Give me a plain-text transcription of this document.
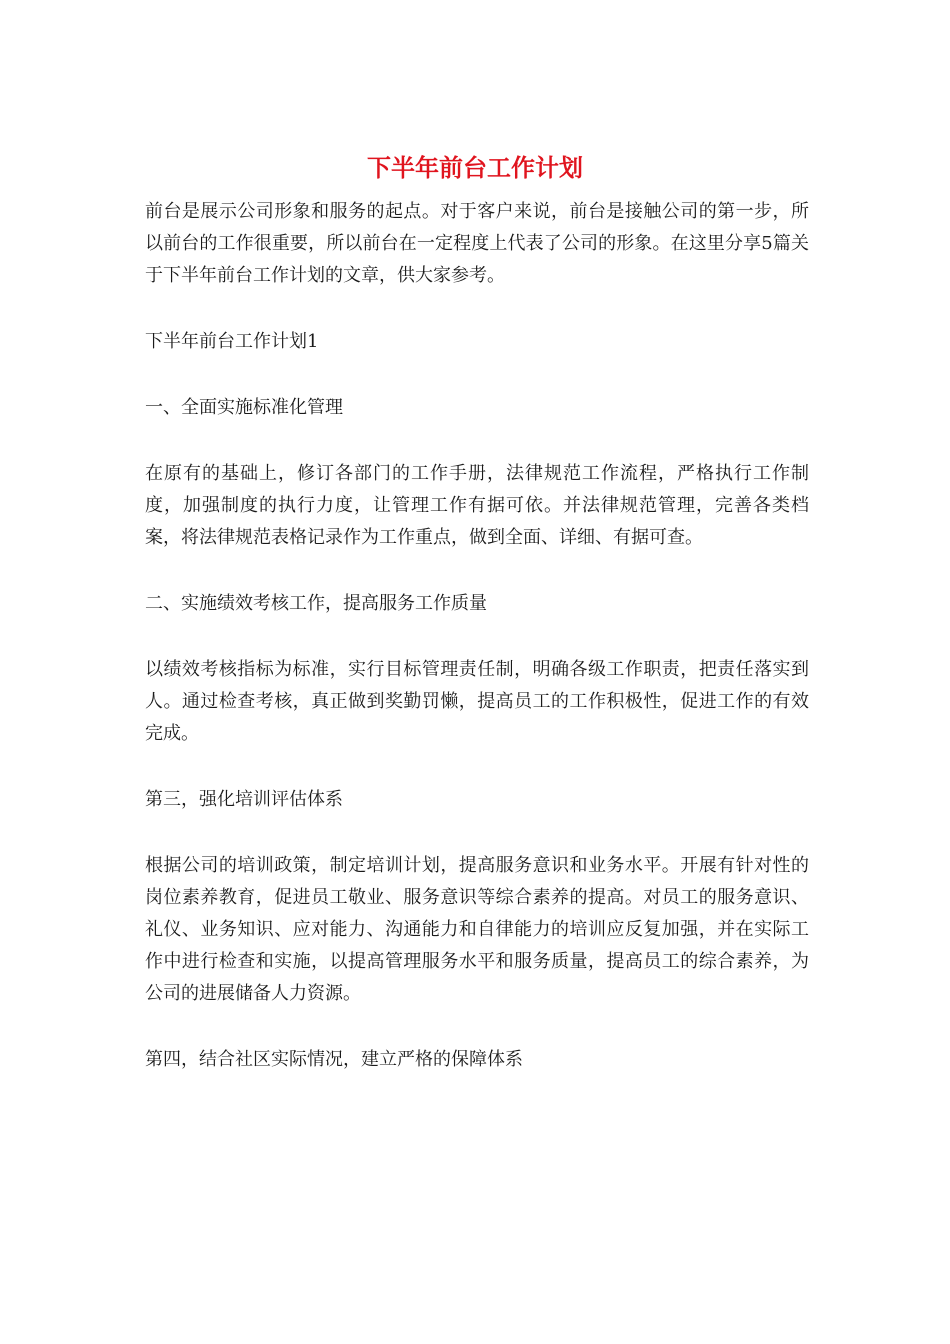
下半年前台工作计划

前台是展示公司形象和服务的起点。对于客户来说，前台是接触公司的第一步，所以前台的工作很重要，所以前台在一定程度上代表了公司的形象。在这里分享5篇关于下半年前台工作计划的文章，供大家参考。

下半年前台工作计划1

一、全面实施标准化管理

在原有的基础上，修订各部门的工作手册，法律规范工作流程，严格执行工作制度，加强制度的执行力度，让管理工作有据可依。并法律规范管理，完善各类档案，将法律规范表格记录作为工作重点，做到全面、详细、有据可查。

二、实施绩效考核工作，提高服务工作质量

以绩效考核指标为标准，实行目标管理责任制，明确各级工作职责，把责任落实到人。通过检查考核，真正做到奖勤罚懒，提高员工的工作积极性，促进工作的有效完成。

第三，强化培训评估体系

根据公司的培训政策，制定培训计划，提高服务意识和业务水平。开展有针对性的岗位素养教育，促进员工敬业、服务意识等综合素养的提高。对员工的服务意识、礼仪、业务知识、应对能力、沟通能力和自律能力的培训应反复加强，并在实际工作中进行检查和实施，以提高管理服务水平和服务质量，提高员工的综合素养，为公司的进展储备人力资源。

第四，结合社区实际情况，建立严格的保障体系
